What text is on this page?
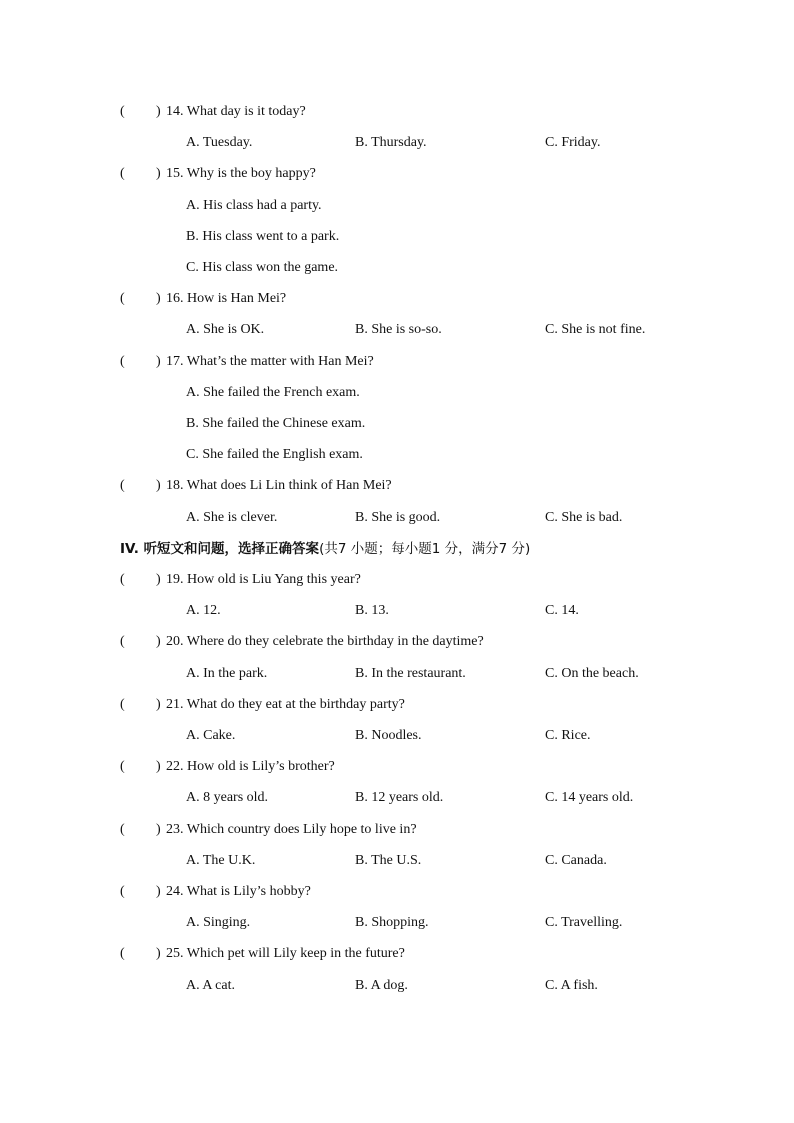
IV. 听短文和问题，选择正确答案(共7 小题；每小题1 分，满分7 分)
( ) 14. What day is it today?
A. Tuesday.	B. Thursday.	C. Friday.
( ) 15. Why is the boy happy?
A. His class had a party.
B. His class went to a park.
C. His class won the game.
( ) 16. How is Han Mei?
A. She is OK.	B. She is so-so.	C. She is not fine.
( ) 17. What’s the matter with Han Mei?
A. She failed the French exam.
B. She failed the Chinese exam.
C. She failed the English exam.
( ) 18. What does Li Lin think of Han Mei?
A. She is clever.	B. She is good.	C. She is bad.
( ) 19. How old is Liu Yang this year?
A. 12.	B. 13.	C. 14.
( ) 20. Where do they celebrate the birthday in the daytime?
A. In the park.	B. In the restaurant.	C. On the beach.
( ) 21. What do they eat at the birthday party?
A. Cake.	B. Noodles.	C. Rice.
( ) 22. How old is Lily’s brother?
A. 8 years old.	B. 12 years old.	C. 14 years old.
( ) 23. Which country does Lily hope to live in?
A. The U.K.	B. The U.S.	C. Canada.
( ) 24. What is Lily’s hobby?
A. Singing.	B. Shopping.	C. Travelling.
( ) 25. Which pet will Lily keep in the future?
A. A cat.	B. A dog.	C. A fish.
